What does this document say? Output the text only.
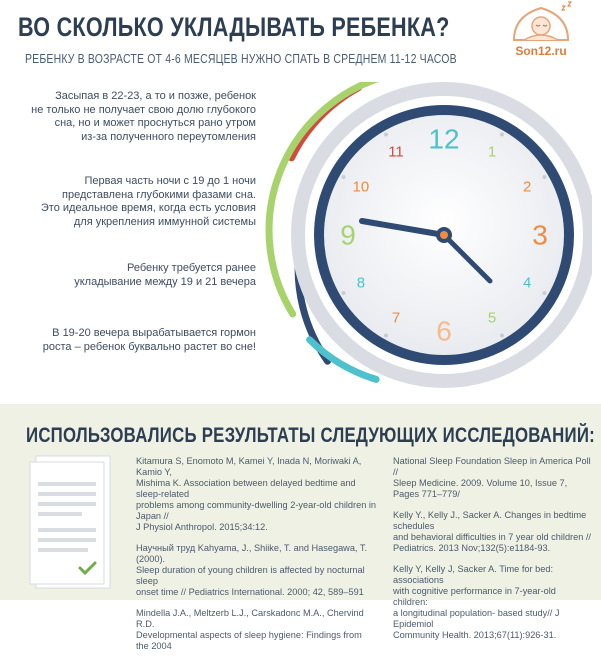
ВО СКОЛЬКО УКЛАДЫВАТЬ РЕБЕНКА?

РЕБЕНКУ В ВОЗРАСТЕ ОТ 4-6 МЕСЯЦЕВ НУЖНО СПАТЬ В СРЕДНЕМ 11-12 ЧАСОВ

Son12.ru

Засыпая в 22-23, а то и позже, ребенок
не только не получает свою долю глубокого
сна, но и может проснуться рано утром
из-за полученного переутомления

Первая часть ночи с 19 до 1 ночи
представлена глубокими фазами сна.
Это идеальное время, когда есть условия
для укрепления иммунной системы

Ребенку требуется ранее
укладывание между 19 и 21 вечера

В 19-20 вечера вырабатывается гормон
роста – ребенок буквально растет во сне!

12 1
2
3
4
5
6
7
8
9
10
11
ИСПОЛЬЗОВАЛИСЬ РЕЗУЛЬТАТЫ СЛЕДУЮЩИХ ИССЛЕДОВАНИЙ:

Kitamura S, Enomoto M, Kamei Y, Inada N, Moriwaki A, Kamio Y,
Mishima K. Association between delayed bedtime and sleep-related
problems among community-dwelling 2-year-old children in Japan //
J Physiol Anthropol. 2015;34:12.

Научный труд Kahyama, J., Shiike, T. and Hasegawa, T. (2000).
Sleep duration of young children is affected by nocturnal sleep
onset time // Pediatrics International. 2000; 42, 589–591

Mindella J.A., Meltzerb L.J., Carskadonc M.A., Chervind R.D.
Developmental aspects of sleep hygiene: Findings from the 2004

National Sleep Foundation Sleep in America Poll //
Sleep Medicine. 2009. Volume 10, Issue 7, Pages 771–779/

Kelly Y., Kelly J., Sacker A. Changes in bedtime schedules
and behavioral difficulties in 7 year old children //
Pediatrics. 2013 Nov;132(5):e1184-93.

Kelly Y, Kelly J, Sacker A. Time for bed: associations
with cognitive performance in 7-year-old children:
a longitudinal population- based study// J Epidemiol
Community Health. 2013;67(11):926-31.
